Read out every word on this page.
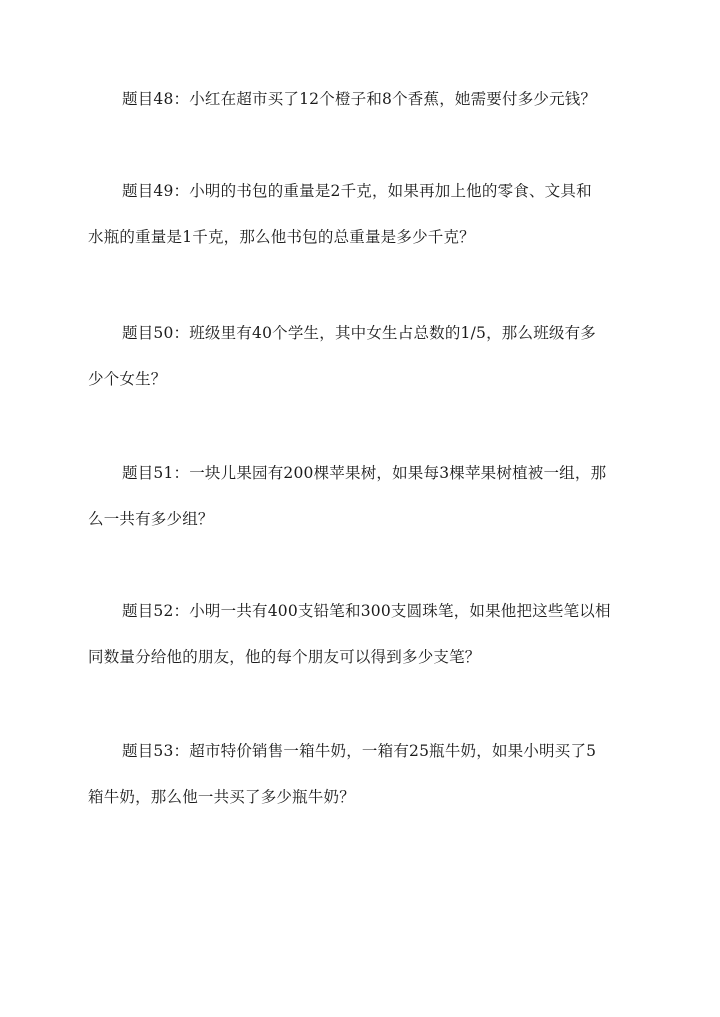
题目48：小红在超市买了12个橙子和8个香蕉，她需要付多少元钱？
题目49：小明的书包的重量是2千克，如果再加上他的零食、文具和
水瓶的重量是1千克，那么他书包的总重量是多少千克？
题目50：班级里有40个学生，其中女生占总数的1/5，那么班级有多
少个女生？
题目51：一块儿果园有200棵苹果树，如果每3棵苹果树植被一组，那
么一共有多少组？
题目52：小明一共有400支铅笔和300支圆珠笔，如果他把这些笔以相
同数量分给他的朋友，他的每个朋友可以得到多少支笔？
题目53：超市特价销售一箱牛奶，一箱有25瓶牛奶，如果小明买了5
箱牛奶，那么他一共买了多少瓶牛奶？
